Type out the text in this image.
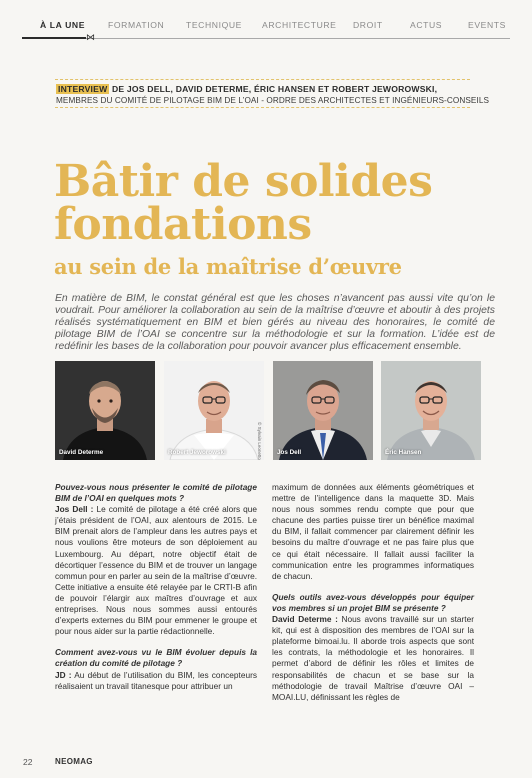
À LA UNE	FORMATION	TECHNIQUE ARCHITECTURE DROIT	ACTUS	EVENTS
⋈
INTERVIEW DE JOS DELL, DAVID DETERME, ÉRIC HANSEN ET ROBERT JEWOROWSKI,
MEMBRES DU COMITÉ DE PILOTAGE BIM DE L’OAI - ORDRE DES ARCHITECTES ET INGÉNIEURS-CONSEILS
Bâtir de solides
fondations
au sein de la maîtrise d’œuvre
En matière de BIM, le constat général est que les choses n’avancent pas aussi vite qu’on le voudrait. Pour améliorer la collaboration au sein de la maîtrise d’œuvre et aboutir à des projets réalisés systématiquement en BIM et bien gérés au niveau des honoraires, le comité de pilotage BIM de l’OAI se concentre sur la méthodologie et sur la formation. L’idée est de redéfinir les bases de la collaboration pour pouvoir avancer plus efficacement ensemble.
David Determe	Robert Jeworowski	© Sylvain Leonetto Jos Dell	Éric Hansen
Pouvez-vous nous présenter le comité de pilotage BIM de l’OAI en quelques mots ?
Jos Dell : Le comité de pilotage a été créé alors que j’étais président de l’OAI, aux alentours de 2015. Le BIM prenait alors de l’ampleur dans les autres pays et nous voulions être moteurs de son déploiement au Luxembourg. Au départ, notre objectif était de décortiquer l’essence du BIM et de trouver un langage commun pour en parler au sein de la maîtrise d’œuvre. Cette initiative a ensuite été relayée par le CRTI-B afin de pouvoir l’élargir aux maîtres d’ouvrage et aux entreprises. Nous nous sommes aussi entourés d’experts externes du BIM pour emmener le groupe et pour nous aider sur la partie rédactionnelle.
Comment avez-vous vu le BIM évoluer depuis la création du comité de pilotage ?
JD : Au début de l’utilisation du BIM, les concepteurs réalisaient un travail titanesque pour attribuer un
maximum de données aux éléments géométriques et mettre de l’intelligence dans la maquette 3D. Mais nous nous sommes rendu compte que pour que chacune des parties puisse tirer un bénéfice maximal du BIM, il fallait commencer par clairement définir les besoins du maître d’ouvrage et ne pas faire plus que ce qui était nécessaire. Il fallait aussi faciliter la communication entre les programmes informatiques de chacun.
Quels outils avez-vous développés pour équiper vos membres si un projet BIM se présente ?
David Determe : Nous avons travaillé sur un starter kit, qui est à disposition des membres de l’OAI sur la plateforme bimoai.lu. Il aborde trois aspects que sont les contrats, la méthodologie et les honoraires. Il permet d’abord de définir les rôles et limites de responsabilités de chacun et se base sur la méthodologie de travail Maîtrise d’œuvre OAI – MOAI.LU, définissant les règles de
22	NEOMAG
